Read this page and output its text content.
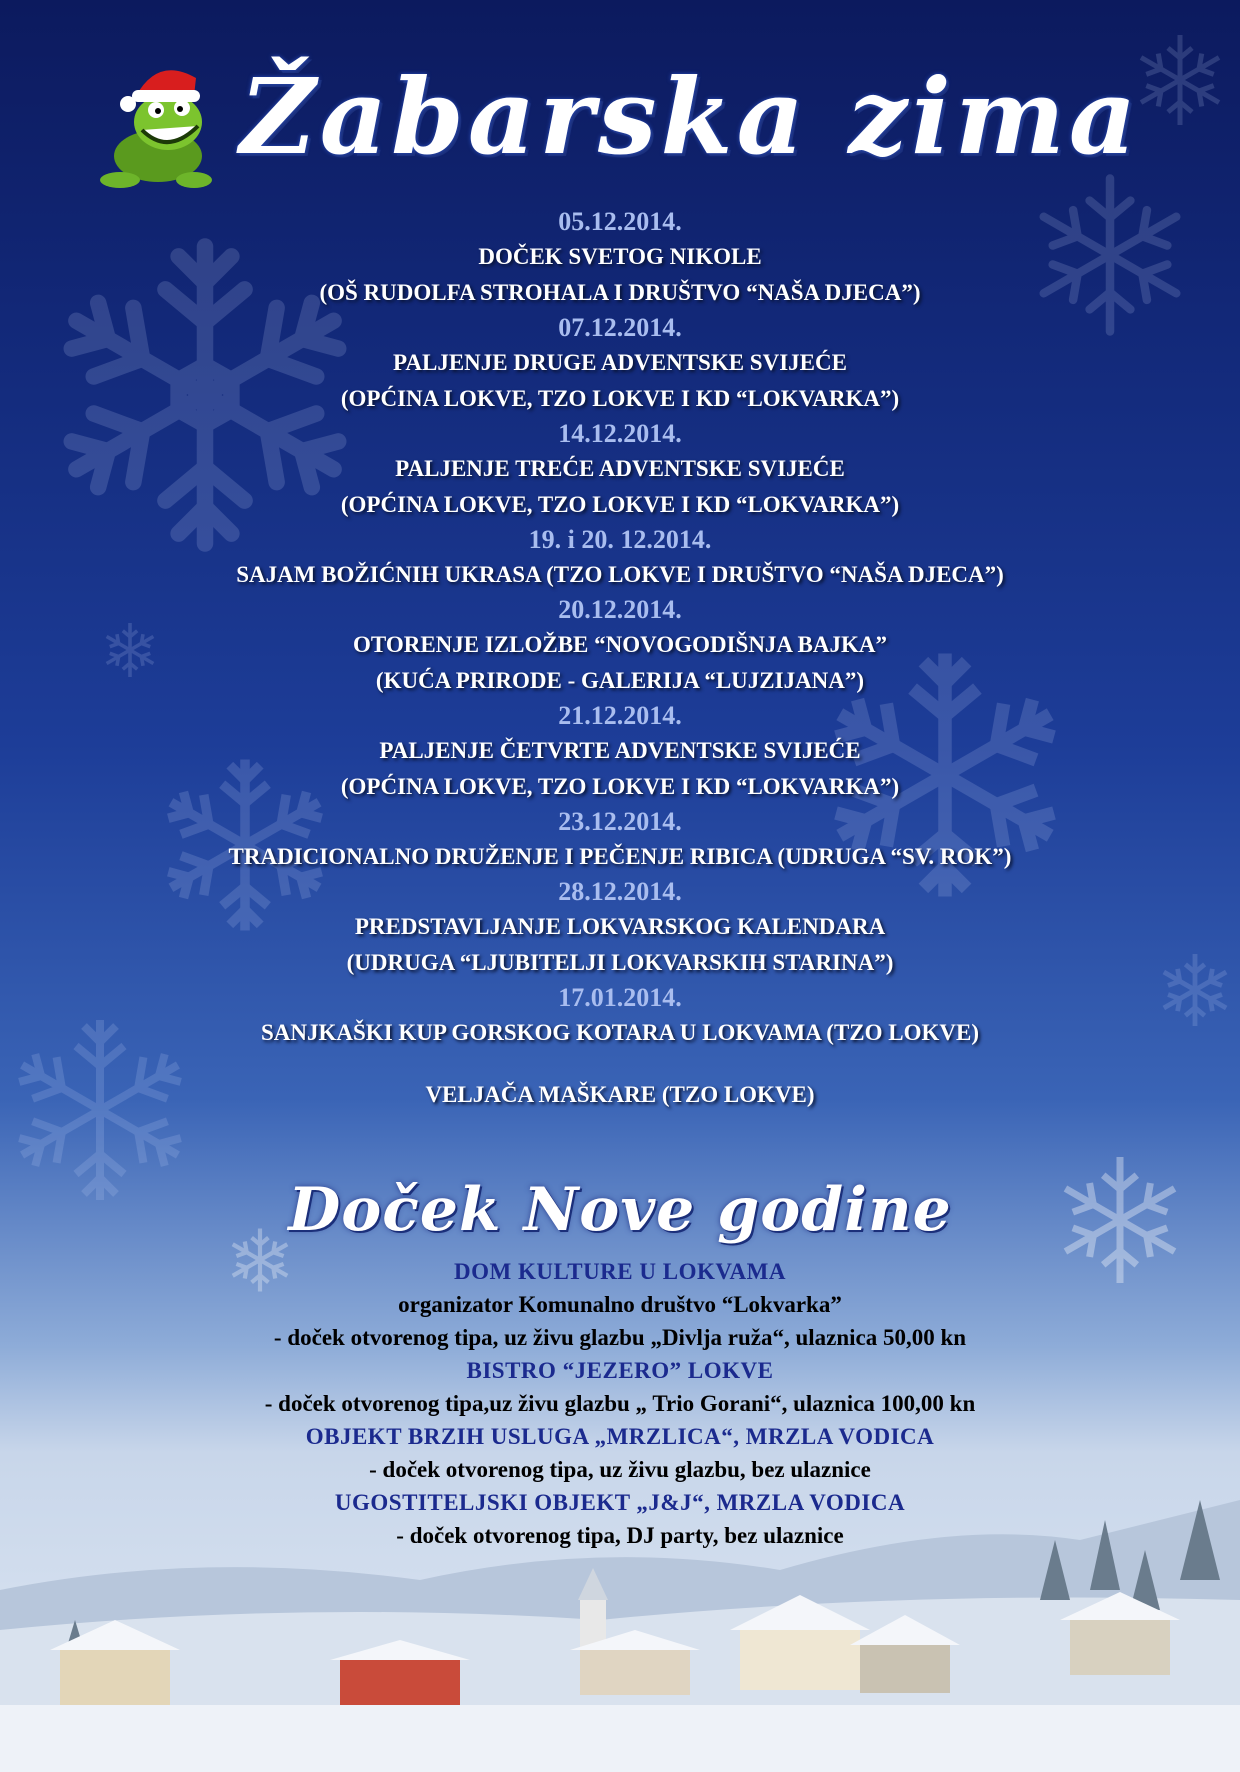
Žabarska zima
05.12.2014.
DOČEK SVETOG NIKOLE
(OŠ RUDOLFA STROHALA I DRUŠTVO “NAŠA DJECA”)
07.12.2014.
PALJENJE DRUGE ADVENTSKE SVIJEĆE
(OPĆINA LOKVE, TZO LOKVE I KD “LOKVARKA”)
14.12.2014.
PALJENJE TREĆE ADVENTSKE SVIJEĆE
(OPĆINA LOKVE, TZO LOKVE I KD “LOKVARKA”)
19. i 20. 12.2014.
SAJAM BOŽIĆNIH UKRASA (TZO LOKVE I DRUŠTVO “NAŠA DJECA”)
20.12.2014.
OTORENJE IZLOŽBE “NOVOGODIŠNJA BAJKA”
(KUĆA PRIRODE - GALERIJA “LUJZIJANA”)
21.12.2014.
PALJENJE ČETVRTE ADVENTSKE SVIJEĆE
(OPĆINA LOKVE, TZO LOKVE I KD “LOKVARKA”)
23.12.2014.
TRADICIONALNO DRUŽENJE I PEČENJE RIBICA (UDRUGA “SV. ROK”)
28.12.2014.
PREDSTAVLJANJE LOKVARSKOG KALENDARA
(UDRUGA “LJUBITELJI LOKVARSKIH STARINA”)
17.01.2014.
SANJKAŠKI KUP GORSKOG KOTARA U LOKVAMA (TZO LOKVE)
VELJAČA MAŠKARE (TZO LOKVE)
Doček Nove godine
DOM KULTURE U LOKVAMA
organizator Komunalno društvo “Lokvarka”
- doček otvorenog tipa, uz živu glazbu „Divlja ruža“, ulaznica 50,00 kn
BISTRO “JEZERO” LOKVE
- doček otvorenog tipa,uz živu glazbu „ Trio Gorani“, ulaznica 100,00 kn
OBJEKT BRZIH USLUGA „MRZLICA“, MRZLA VODICA
- doček otvorenog tipa, uz živu glazbu, bez ulaznice
UGOSTITELJSKI OBJEKT „J&J“, MRZLA VODICA
- doček otvorenog tipa, DJ party, bez ulaznice
